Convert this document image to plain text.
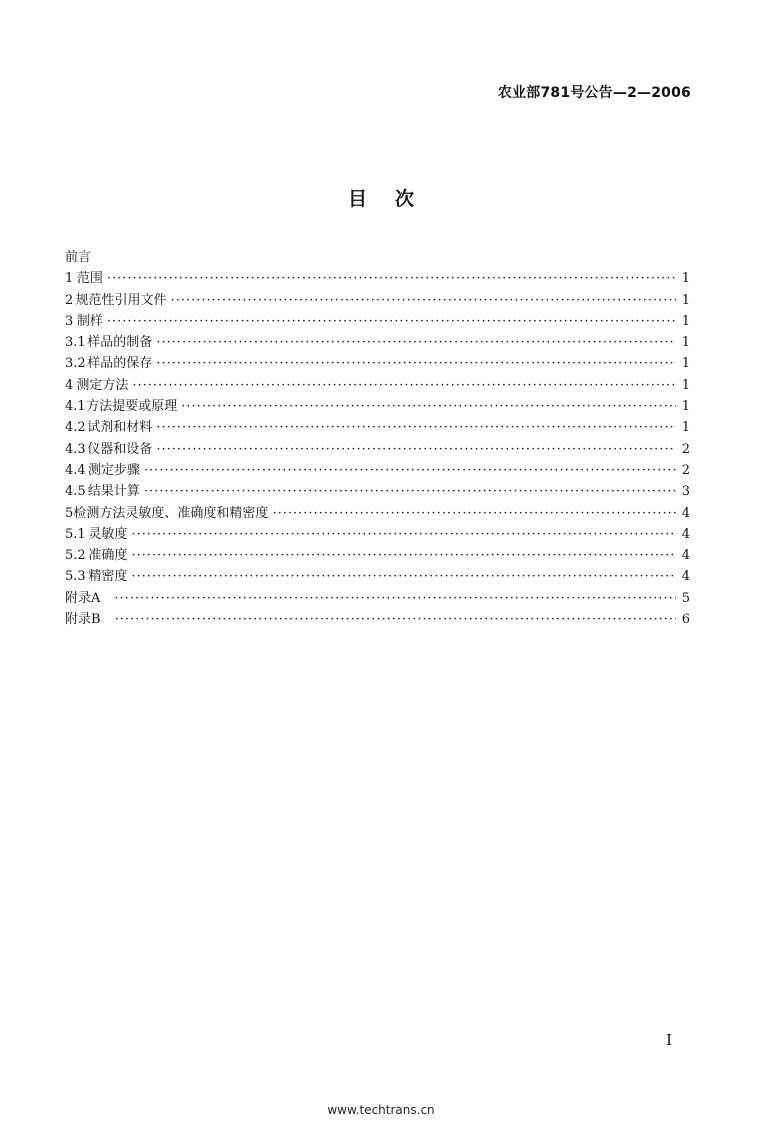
农业部781号公告—2—2006
目次
前言
1 范围 ·····	1
2 规范性引用文件 ·····	1
3 制样 ·····	1
3.1 样品的制备 ·····	1
3.2 样品的保存 ·····	1
4 测定方法 ·····	1
4.1 方法提要或原理 ·····	1
4.2 试剂和材料 ·····	1
4.3 仪器和设备 ·····	2
4.4 测定步骤 ·····	2
4.5 结果计算 ·····	3
5 检测方法灵敏度、准确度和精密度 ·····	4
5.1 灵敏度 ·····	4
5.2 准确度 ·····	4
5.3 精密度 ·····	4
附录A ·····	5
附录B ·····	6
I
www.techtrans.cn
